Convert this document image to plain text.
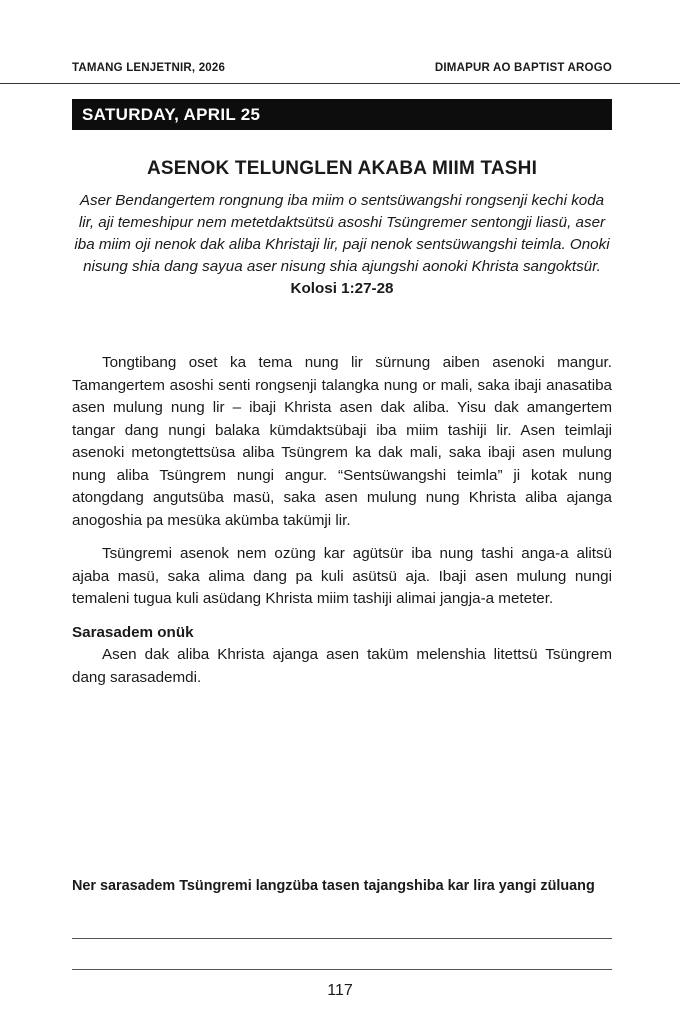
TAMANG LENJETNIR, 2026	DIMAPUR AO BAPTIST AROGO
SATURDAY, APRIL 25
ASENOK TELUNGLEN AKABA MIIM TASHI
Aser Bendangertem rongnung iba miim o sentsüwangshi rongsenji kechi koda lir, aji temeshipur nem metetdaktsütsü asoshi Tsüngremer sentongji liasü, aser iba miim oji nenok dak aliba Khristaji lir, paji nenok sentsüwangshi teimla. Onoki nisung shia dang sayua aser nisung shia ajungshi aonoki Khrista sangoktsür. Kolosi 1:27-28

Tongtibang oset ka tema nung lir sürnung aiben asenoki mangur. Tamangertem asoshi senti rongsenji talangka nung or mali, saka ibaji anasatiba asen mulung nung lir – ibaji Khrista asen dak aliba. Yisu dak amangertem tangar dang nungi balaka kümdaktsübaji iba miim tashiji lir. Asen teimlaji asenoki metongtettsüsa aliba Tsüngrem ka dak mali, saka ibaji asen mulung nung aliba Tsüngrem nungi angur. “Sentsüwangshi teimla” ji kotak nung atongdang angutsüba masü, saka asen mulung nung Khrista aliba ajanga anogoshia pa mesüka akümba takümji lir.

Tsüngremi asenok nem ozüng kar agütsür iba nung tashi anga-a alitsü ajaba masü, saka alima dang pa kuli asütsü aja. Ibaji asen mulung nungi temaleni tugua kuli asüdang Khrista miim tashiji alimai jangja-a meteter.

Sarasadem onük

Asen dak aliba Khrista ajanga asen taküm melenshia litettsü Tsüngrem dang sarasademdi.

Ner sarasadem Tsüngremi langzüba tasen tajangshiba kar lira yangi züluang
117
